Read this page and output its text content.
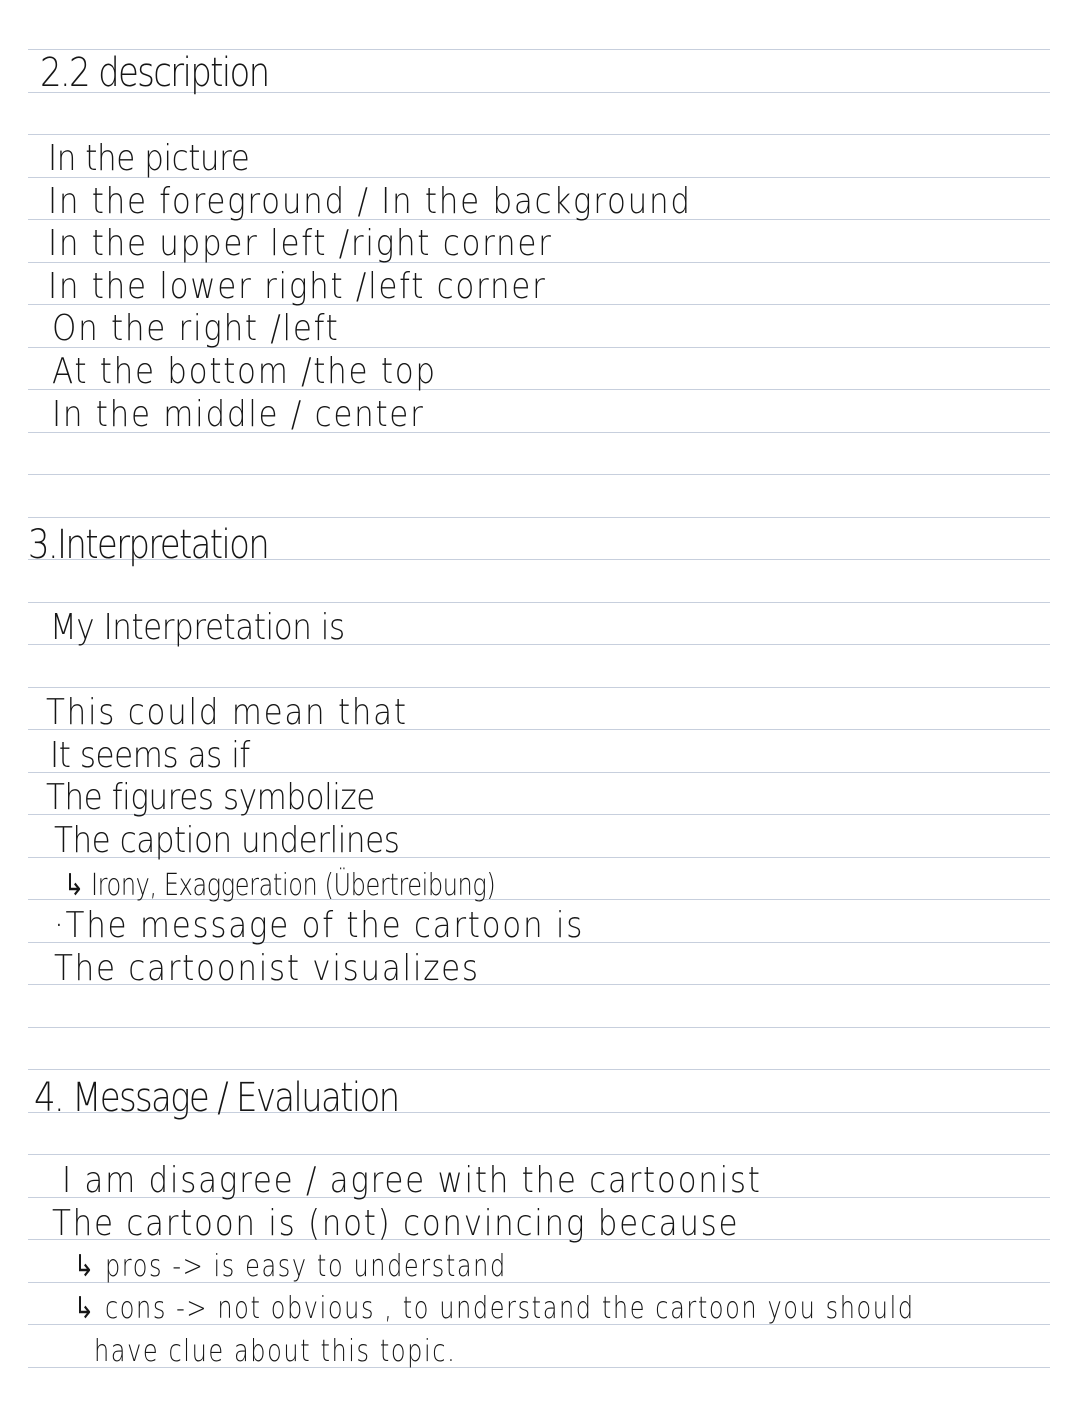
2.2 description
In the picture
In the foreground / In the background
In the upper left /right corner
In the lower right /left corner
On the right /left
At the bottom /the top
In the middle / center
3.Interpretation
My Interpretation is
This could mean that
It seems as if
The figures symbolize
The caption underlines
↳ Irony, Exaggeration (Übertreibung)
·The message of the cartoon is
The cartoonist visualizes
4. Message / Evaluation
I am disagree / agree with the cartoonist
The cartoon is (not) convincing because
↳ pros -> is easy to understand
↳ cons -> not obvious , to understand the cartoon you should
have clue about this topic.
